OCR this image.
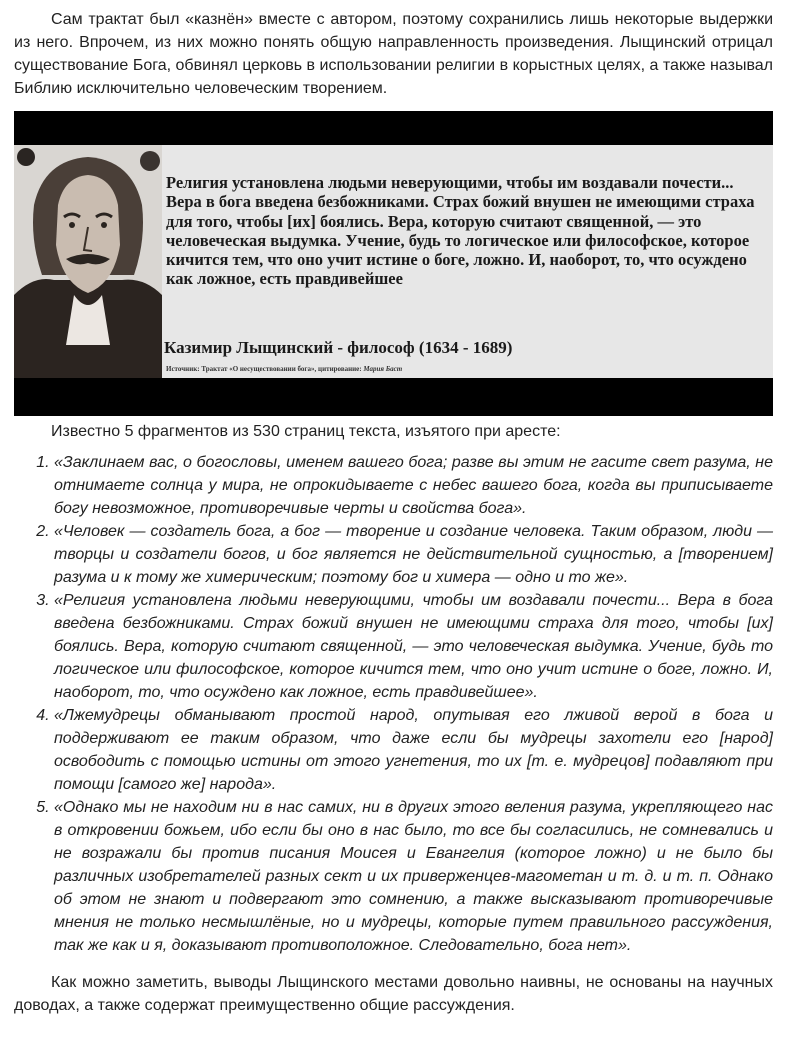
Сам трактат был «казнён» вместе с автором, поэтому сохранились лишь некоторые выдержки из него. Впрочем, из них можно понять общую направленность произведения. Лыщинский отрицал существование Бога, обвинял церковь в использовании религии в корыстных целях, а также называл Библию исключительно человеческим творением.

Религия установлена людьми неверующими, чтобы им воздавали почести... Вера в бога введена безбожниками. Страх божий внушен не имеющими страха для того, чтобы [их] боялись. Вера, которую считают священной, — это человеческая выдумка. Учение, будь то логическое или философское, которое кичится тем, что оно учит истине о боге, ложно. И, наоборот, то, что осуждено как ложное, есть правдивейшее

Казимир Лыщинский - философ (1634 - 1689)
Источник: Трактат «О несуществовании бога», цитирование: Мария Баст

Известно 5 фрагментов из 530 страниц текста, изъятого при аресте:

1. «Заклинаем вас, о богословы, именем вашего бога; разве вы этим не гасите свет разума, не отнимаете солнца у мира, не опрокидываете с небес вашего бога, когда вы приписываете богу невозможное, противоречивые черты и свойства бога».
2. «Человек — создатель бога, а бог — творение и создание человека. Таким образом, люди — творцы и создатели богов, и бог является не действительной сущностью, а [творением] разума и к тому же химерическим; поэтому бог и химера — одно и то же».
3. «Религия установлена людьми неверующими, чтобы им воздавали почести... Вера в бога введена безбожниками. Страх божий внушен не имеющими страха для того, чтобы [их] боялись. Вера, которую считают священной, — это человеческая выдумка. Учение, будь то логическое или философское, которое кичится тем, что оно учит истине о боге, ложно. И, наоборот, то, что осуждено как ложное, есть правдивейшее».
4. «Лжемудрецы обманывают простой народ, опутывая его лживой верой в бога и поддерживают ее таким образом, что даже если бы мудрецы захотели его [народ] освободить с помощью истины от этого угнетения, то их [т. е. мудрецов] подавляют при помощи [самого же] народа».
5. «Однако мы не находим ни в нас самих, ни в других этого веления разума, укрепляющего нас в откровении божьем, ибо если бы оно в нас было, то все бы согласились, не сомневались и не возражали бы против писания Моисея и Евангелия (которое ложно) и не было бы различных изобретателей разных сект и их приверженцев-магометан и т. д. и т. п. Однако об этом не знают и подвергают это сомнению, а также высказывают противоречивые мнения не только несмышлёные, но и мудрецы, которые путем правильного рассуждения, так же как и я, доказывают противоположное. Следовательно, бога нет».

Как можно заметить, выводы Лыщинского местами довольно наивны, не основаны на научных доводах, а также содержат преимущественно общие рассуждения.
